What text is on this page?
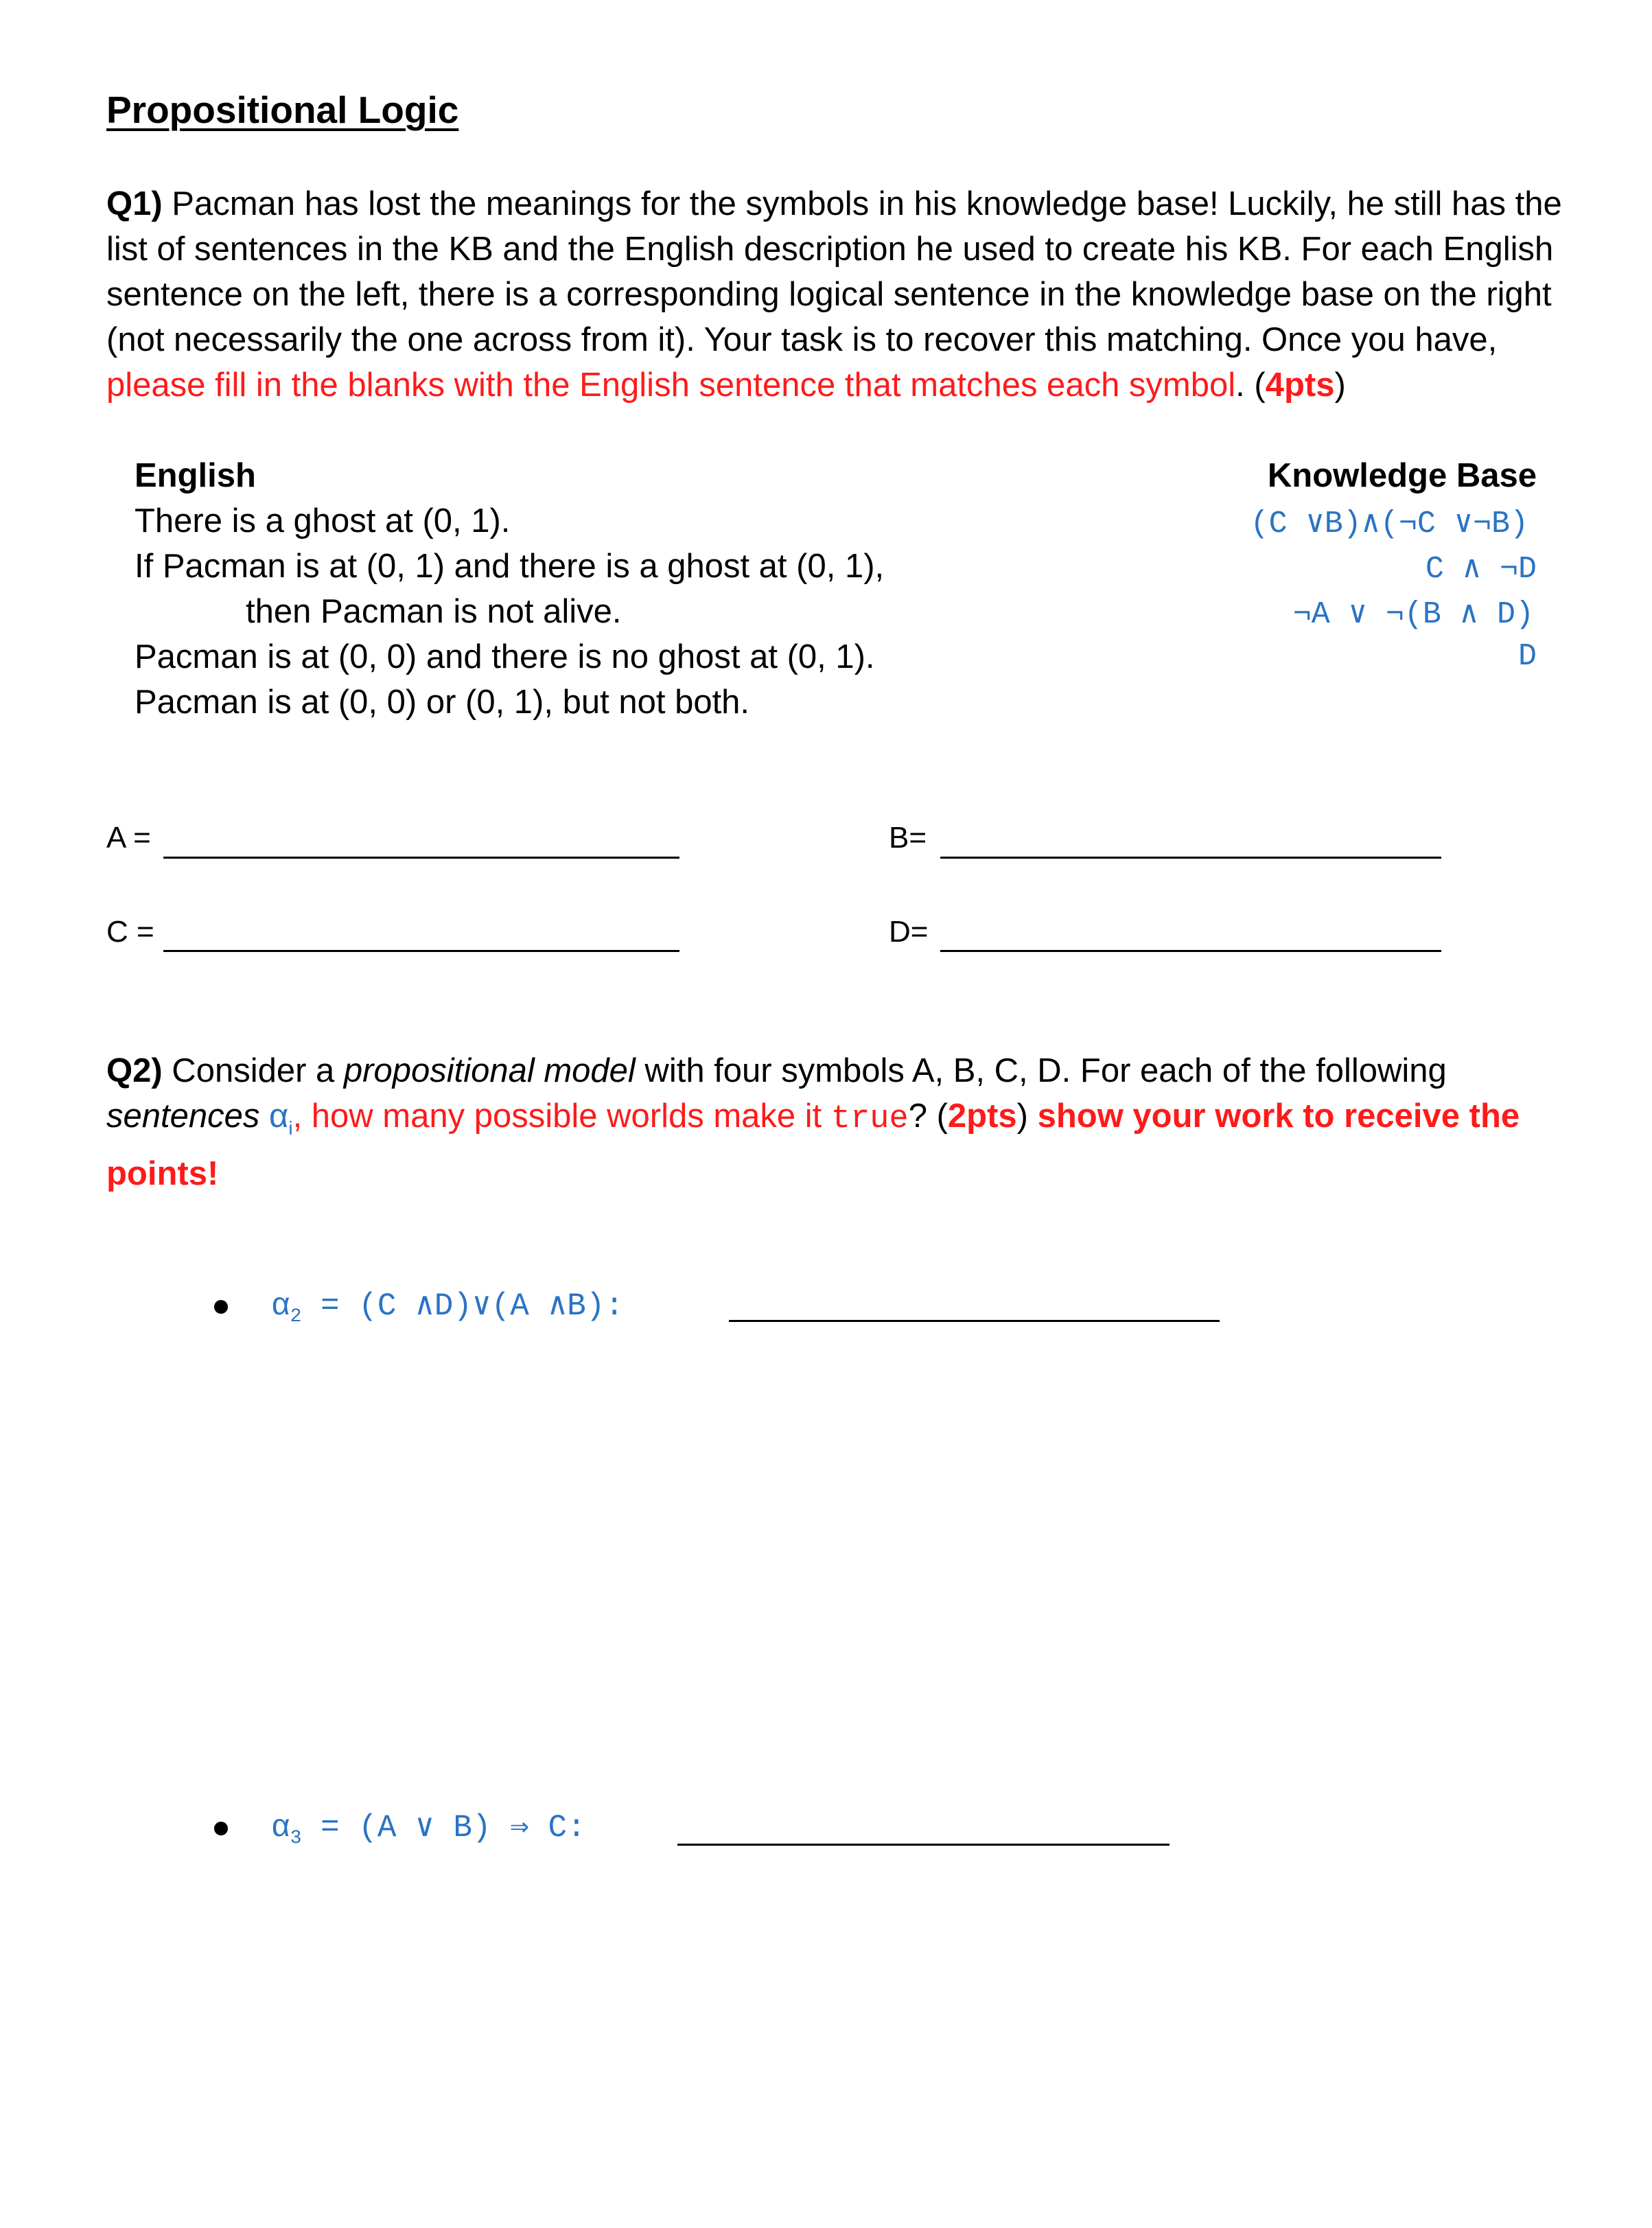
Propositional Logic
Q1) Pacman has lost the meanings for the symbols in his knowledge base! Luckily, he still has the list of sentences in the KB and the English description he used to create his KB. For each English sentence on the left, there is a corresponding logical sentence in the knowledge base on the right (not necessarily the one across from it). Your task is to recover this matching. Once you have, please fill in the blanks with the English sentence that matches each symbol. (4pts)
English
There is a ghost at (0, 1).
If Pacman is at (0, 1) and there is a ghost at (0, 1),
then Pacman is not alive.
Pacman is at (0, 0) and there is no ghost at (0, 1).
Pacman is at (0, 0) or (0, 1), but not both.
Knowledge Base
(C ∨B)∧(¬C ∨¬B)
C ∧ ¬D
¬A ∨ ¬(B ∧ D)
D
A =	B=
C =	D=
Q2) Consider a propositional model with four symbols A, B, C, D. For each of the following sentences $\alpha_i$, how many possible worlds make it true? (2pts) show your work to receive the points!
$\alpha_2 = (C$ ∧D)∨(A ∧B):
$\alpha_3 = (A$ ∨ B) ⇒ C:
